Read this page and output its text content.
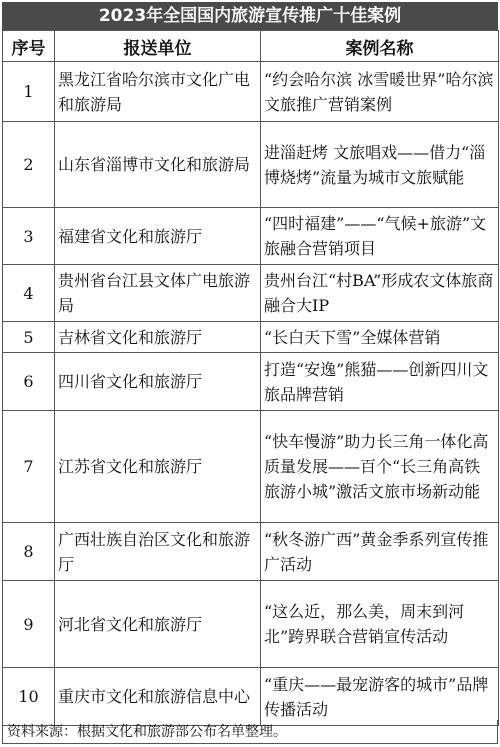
2023年全国国内旅游宣传推广十佳案例
序号	报送单位	案例名称
1	黑龙江省哈尔滨市文化广电和旅游局	“约会哈尔滨 冰雪暖世界”哈尔滨文旅推广营销案例
2	山东省淄博市文化和旅游局	进淄赶烤 文旅唱戏——借力“淄博烧烤”流量为城市文旅赋能
3	福建省文化和旅游厅	“四时福建”——“气候+旅游”文旅融合营销项目
4	贵州省台江县文体广电旅游局	贵州台江“村BA”形成农文体旅商融合大IP
5	吉林省文化和旅游厅	“长白天下雪”全媒体营销
6	四川省文化和旅游厅	打造“安逸”熊猫——创新四川文旅品牌营销
7	江苏省文化和旅游厅	“快车慢游”助力长三角一体化高质量发展——百个“长三角高铁旅游小城”激活文旅市场新动能
8	广西壮族自治区文化和旅游厅	“秋冬游广西”黄金季系列宣传推广活动
9	河北省文化和旅游厅	“这么近，那么美，周末到河北”跨界联合营销宣传活动
10	重庆市文化和旅游信息中心	“重庆——最宠游客的城市”品牌传播活动
资料来源：根据文化和旅游部公布名单整理。
